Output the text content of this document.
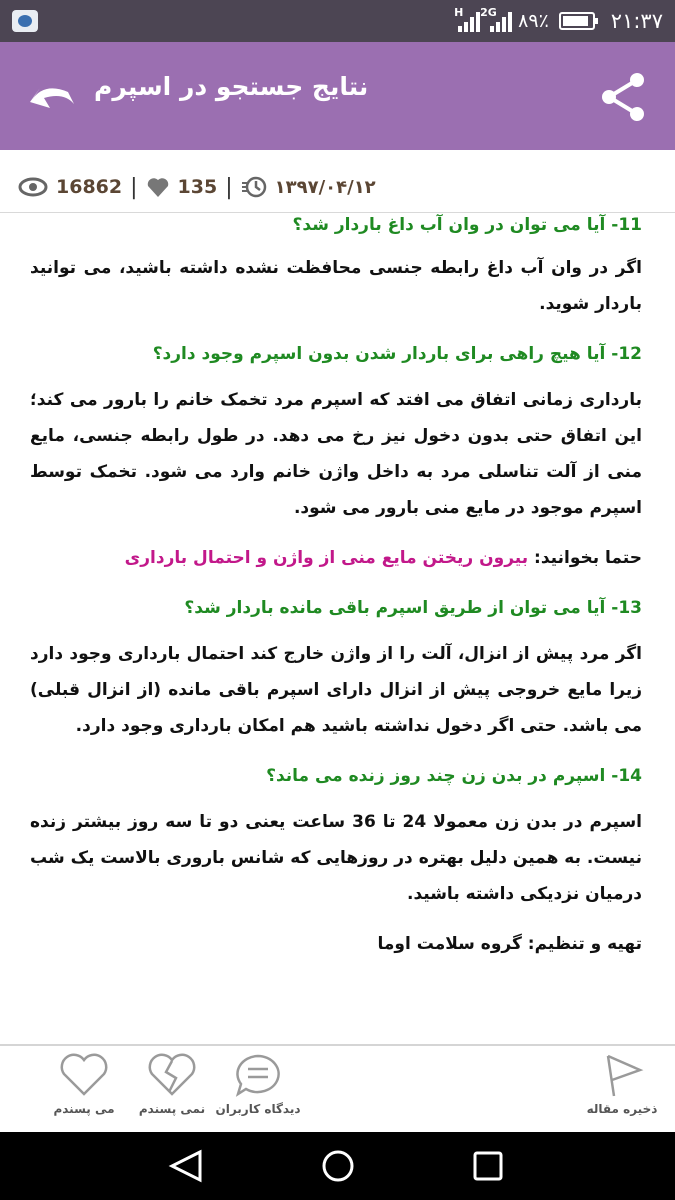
H 2G ٨٩٪	۲۱:۳۷
نتایج جستجو در اسپرم
16862 | 135 | ۱۳۹۷/۰۴/۱۲
11- آیا می توان در وان آب داغ باردار شد؟

اگر در وان آب داغ رابطه جنسی محافظت نشده داشته باشید، می توانید باردار شوید.

12- آیا هیچ راهی برای باردار شدن بدون اسپرم وجود دارد؟

بارداری زمانی اتفاق می افتد که اسپرم مرد تخمک خانم را بارور می کند؛ این اتفاق حتی بدون دخول نیز رخ می دهد. در طول رابطه جنسی، مایع منی از آلت تناسلی مرد به داخل واژن خانم وارد می شود. تخمک توسط اسپرم موجود در مایع منی بارور می شود.

حتما بخوانید: بیرون ریختن مایع منی از واژن و احتمال بارداری

13- آیا می توان از طریق اسپرم باقی مانده باردار شد؟

اگر مرد پیش از انزال، آلت را از واژن خارج کند احتمال بارداری وجود دارد زیرا مایع خروجی پیش از انزال دارای اسپرم باقی مانده (از انزال قبلی) می باشد. حتی اگر دخول نداشته باشید هم امکان بارداری وجود دارد.

14- اسپرم در بدن زن چند روز زنده می ماند؟

اسپرم در بدن زن معمولا 24 تا 36 ساعت یعنی دو تا سه روز بیشتر زنده نیست. به همین دلیل بهتره در روزهایی که شانس باروری بالاست یک شب درمیان نزدیکی داشته باشید.

تهیه و تنظیم: گروه سلامت اوما

می پسندم	نمی پسندم دیدگاه کاربران	ذخیره مقاله
